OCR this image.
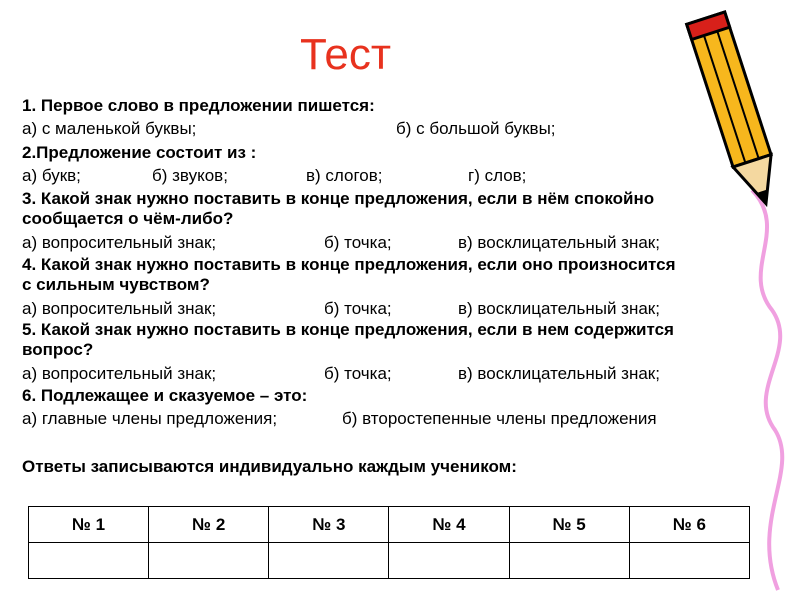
Тест
1. Первое слово в предложении пишется:
а) с маленькой буквы;	б) с большой буквы;
2.Предложение состоит из :
а) букв;	б) звуков;	в) слогов;	г) слов;
3. Какой знак нужно поставить в конце предложения, если в нём спокойно сообщается о чём-либо?
а) вопросительный знак;	б) точка;	в) восклицательный знак;
4. Какой знак нужно поставить в конце предложения, если оно произносится с сильным чувством?
а) вопросительный знак;	б) точка;	в) восклицательный знак;
5. Какой знак нужно поставить в конце предложения, если в нем содержится вопрос?
а) вопросительный знак;	б) точка;	в) восклицательный знак;
6. Подлежащее и сказуемое – это:
а) главные члены предложения;	б) второстепенные члены предложения
Ответы записываются индивидуально каждым учеником:
№ 1	№ 2	№ 3	№ 4	№ 5	№ 6
